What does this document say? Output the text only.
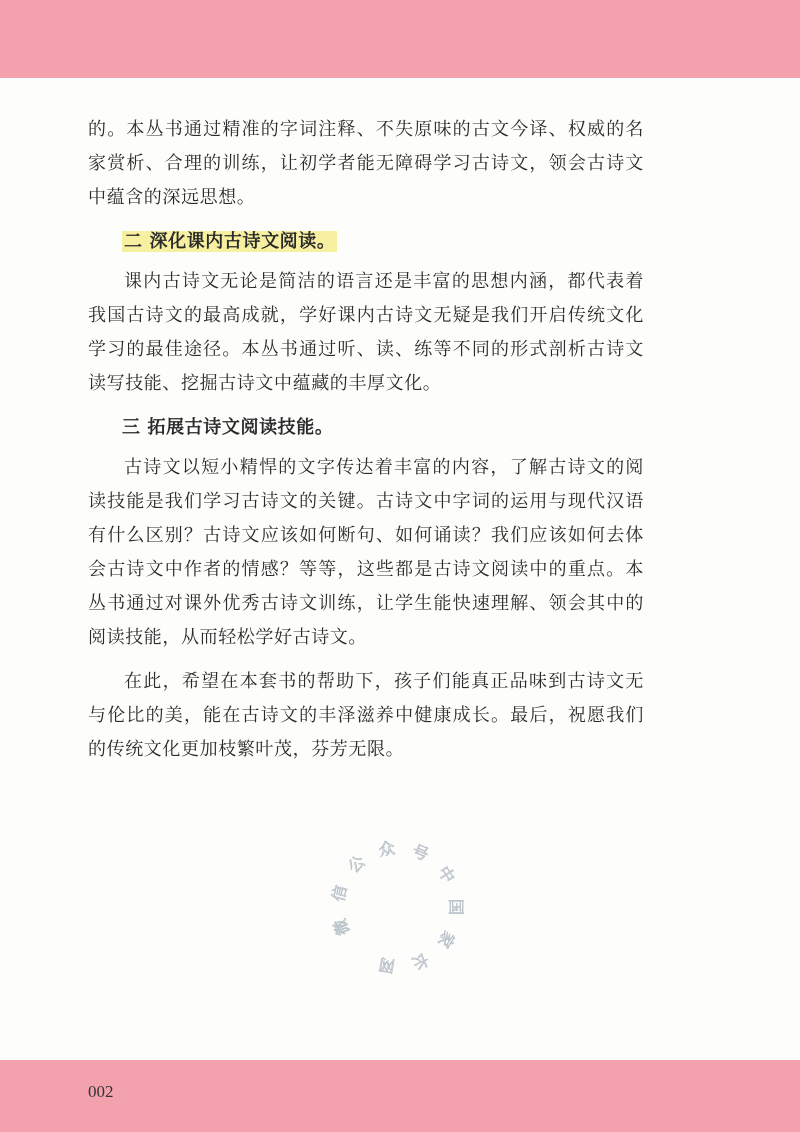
的。本丛书通过精准的字词注释、不失原味的古文今译、权威的名家赏析、合理的训练，让初学者能无障碍学习古诗文，领会古诗文中蕴含的深远思想。

二 深化课内古诗文阅读。

课内古诗文无论是简洁的语言还是丰富的思想内涵，都代表着我国古诗文的最高成就，学好课内古诗文无疑是我们开启传统文化学习的最佳途径。本丛书通过听、读、练等不同的形式剖析古诗文读写技能、挖掘古诗文中蕴藏的丰厚文化。

三 拓展古诗文阅读技能。

古诗文以短小精悍的文字传达着丰富的内容，了解古诗文的阅读技能是我们学习古诗文的关键。古诗文中字词的运用与现代汉语有什么区别？古诗文应该如何断句、如何诵读？我们应该如何去体会古诗文中作者的情感？等等，这些都是古诗文阅读中的重点。本丛书通过对课外优秀古诗文训练，让学生能快速理解、领会其中的阅读技能，从而轻松学好古诗文。

在此，希望在本套书的帮助下，孩子们能真正品味到古诗文无与伦比的美，能在古诗文的丰泽滋养中健康成长。最后，祝愿我们的传统文化更加枝繁叶茂，芬芳无限。

微
信
公
众 号
中
国
家
长
网
002
